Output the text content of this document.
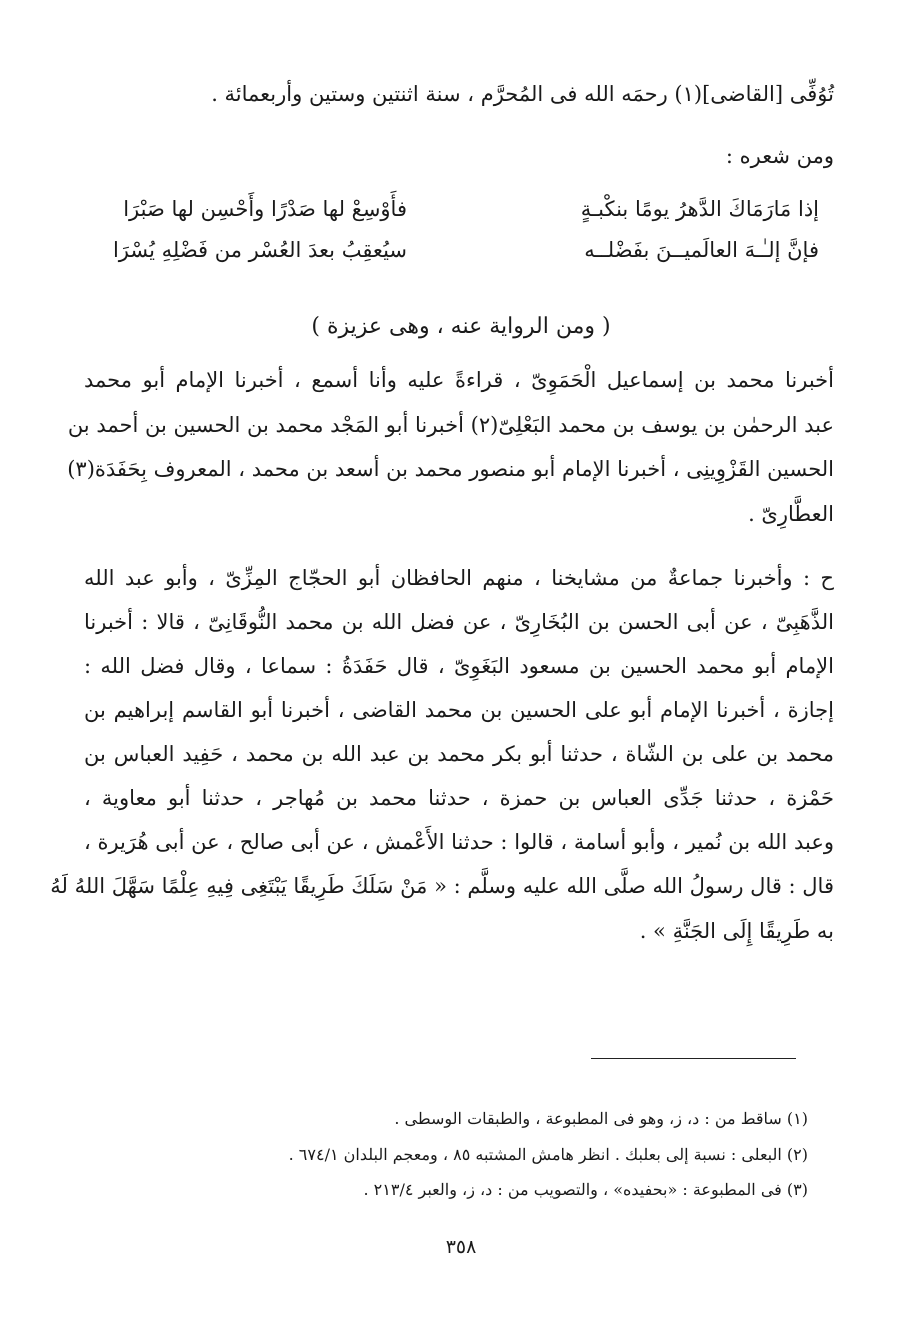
تُوُفِّى [القاضى](١) رحمَه الله فى المُحرَّم ، سنة اثنتين وستين وأربعمائة .
ومن شعره :
إذا مَارَمَاكَ الدَّهرُ يومًا بنكْبـةٍ
فأَوْسِعْ لها صَدْرًا وأَحْسِن لها صَبْرَا
فإنَّ إلـٰـهَ العالَميــنَ بفَضْلــه
سيُعقِبُ بعدَ العُسْر من فَضْلِهِ يُسْرَا
( ومن الرواية عنه ، وهى عزيزة )
أخبرنا محمد بن إسماعيل الْحَمَوِىّ ، قراءةً عليه وأنا أسمع ، أخبرنا الإمام أبو محمد
عبد الرحمٰن بن يوسف بن محمد البَعْلِىّ(٢) أخبرنا أبو المَجْد محمد بن الحسين بن أحمد بن
الحسين القَزْوِينِى ، أخبرنا الإمام أبو منصور محمد بن أسعد بن محمد ، المعروف بِحَفَدَة(٣)
العطَّارِىّ .
ح : وأخبرنا جماعةٌ من مشايخنا ، منهم الحافظان أبو الحجّاج المِزِّىّ ، وأبو عبد الله
الذَّهَبِىّ ، عن أبى الحسن بن البُخَارِىّ ، عن فضل الله بن محمد النُّوقَانِىّ ، قالا : أخبرنا
الإمام أبو محمد الحسين بن مسعود البَغَوِىّ ، قال حَفَدَةُ : سماعا ، وقال فضل الله :
إجازة ، أخبرنا الإمام أبو على الحسين بن محمد القاضى ، أخبرنا أبو القاسم إبراهيم بن
محمد بن على بن الشّاة ، حدثنا أبو بكر محمد بن عبد الله بن محمد ، حَفِيد العباس بن
حَمْزة ، حدثنا جَدِّى العباس بن حمزة ، حدثنا محمد بن مُهاجر ، حدثنا أبو معاوية ،
وعبد الله بن نُمير ، وأبو أسامة ، قالوا : حدثنا الأَعْمش ، عن أبى صالح ، عن أبى هُرَيرة ،
قال : قال رسولُ الله صلَّى الله عليه وسلَّم : « مَنْ سَلَكَ طَرِيقًا يَبْتَغِى فِيهِ عِلْمًا سَهَّلَ اللهُ لَهُ
به طَرِيقًا إِلَى الجَنَّةِ » .
(١) ساقط من : د، ز، وهو فى المطبوعة ، والطبقات الوسطى .
(٢) البعلى : نسبة إلى بعلبك . انظر هامش المشتبه ٨٥ ، ومعجم البلدان ٦٧٤/١ .
(٣) فى المطبوعة : «بحفيده» ، والتصويب من : د، ز، والعبر ٢١٣/٤ .
٣٥٨
